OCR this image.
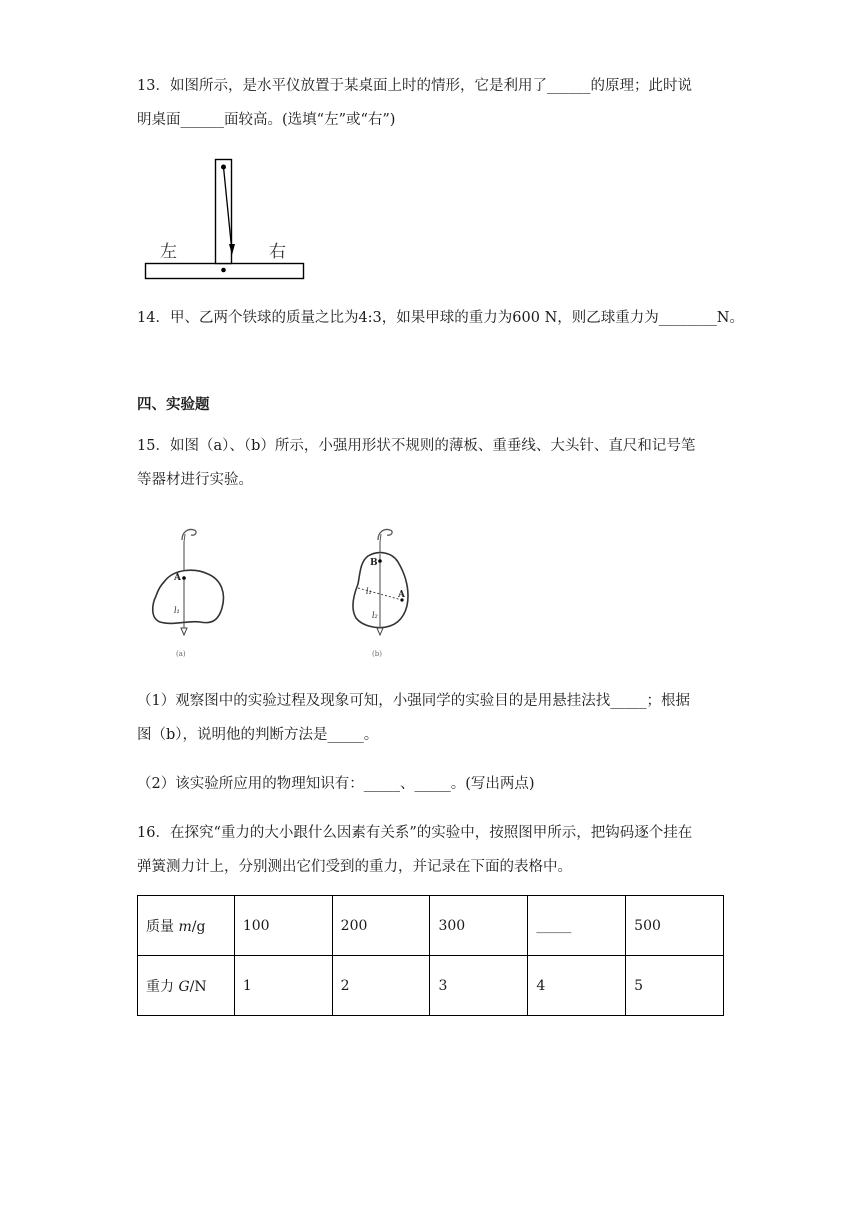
13．如图所示，是水平仪放置于某桌面上时的情形，它是利用了______的原理；此时说
明桌面______面较高。(选填“左”或“右”)
左	右
14．甲、乙两个铁球的质量之比为4:3，如果甲球的重力为600 N，则乙球重力为________N。
四、实验题
15．如图（a）、（b）所示，小强用形状不规则的薄板、重垂线、大头针、直尺和记号笔
等器材进行实验。
A
l₁
(a)
B
A
l₁
l₂
(b)
（1）观察图中的实验过程及现象可知，小强同学的实验目的是用悬挂法找_____；根据
图（b），说明他的判断方法是_____。
（2）该实验所应用的物理知识有：_____、_____。(写出两点)
16．在探究“重力的大小跟什么因素有关系”的实验中，按照图甲所示，把钩码逐个挂在
弹簧测力计上，分别测出它们受到的重力，并记录在下面的表格中。
质量 m/g	100	200	300	_____	500
重力 G/N	1	2	3	4	5
